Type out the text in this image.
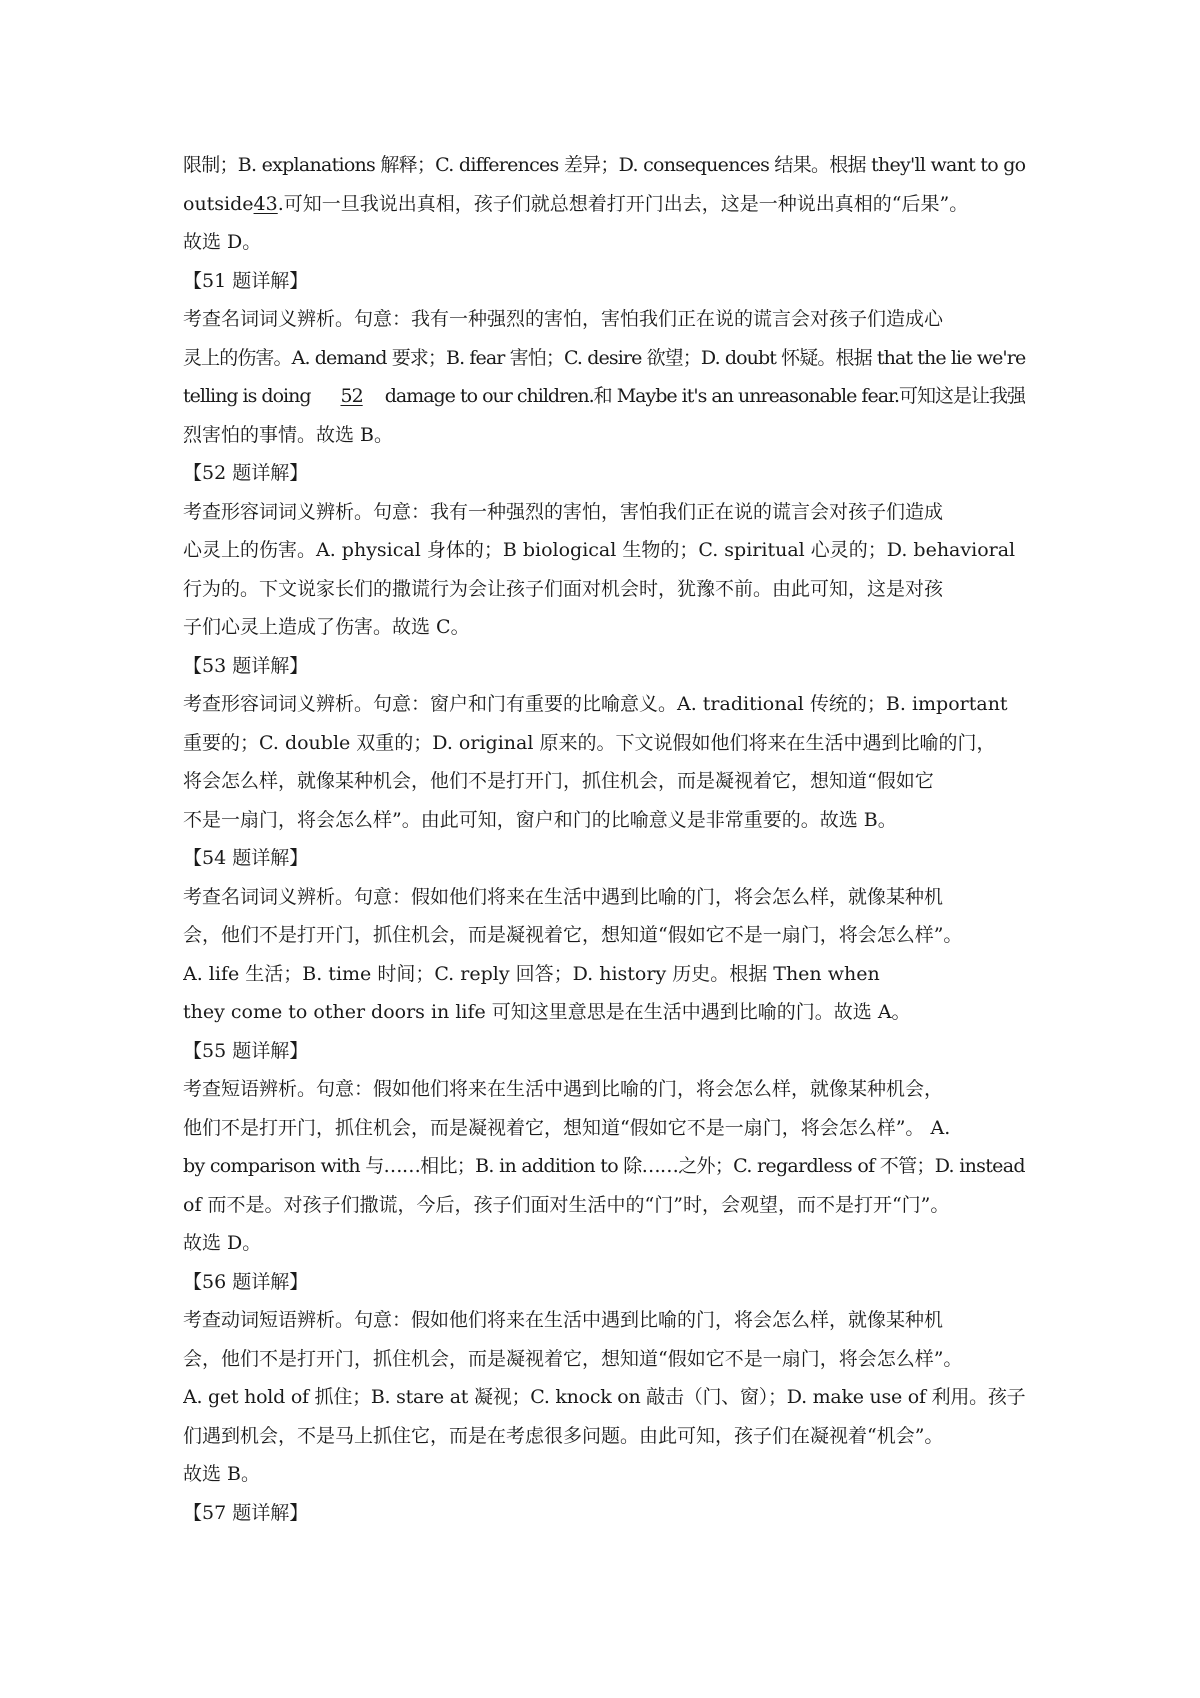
限制；B. explanations 解释；C. differences 差异；D. consequences 结果。根据 they'll want to go
outside43.可知一旦我说出真相，孩子们就总想着打开门出去，这是一种说出真相的“后果”。
故选 D。
【51 题详解】
考查名词词义辨析。句意：我有一种强烈的害怕，害怕我们正在说的谎言会对孩子们造成心
灵上的伤害。A. demand 要求；B. fear 害怕；C. desire 欲望；D. doubt 怀疑。根据 that the lie we're
telling is doing 52 damage to our children.和 Maybe it's an unreasonable fear.可知这是让我强
烈害怕的事情。故选 B。
【52 题详解】
考查形容词词义辨析。句意：我有一种强烈的害怕，害怕我们正在说的谎言会对孩子们造成
心灵上的伤害。A. physical 身体的；B biological 生物的；C. spiritual 心灵的；D. behavioral
行为的。下文说家长们的撒谎行为会让孩子们面对机会时，犹豫不前。由此可知，这是对孩
子们心灵上造成了伤害。故选 C。
【53 题详解】
考查形容词词义辨析。句意：窗户和门有重要的比喻意义。A. traditional 传统的；B. important
重要的；C. double 双重的；D. original 原来的。下文说假如他们将来在生活中遇到比喻的门，
将会怎么样，就像某种机会，他们不是打开门，抓住机会，而是凝视着它，想知道“假如它
不是一扇门，将会怎么样”。由此可知，窗户和门的比喻意义是非常重要的。故选 B。
【54 题详解】
考查名词词义辨析。句意：假如他们将来在生活中遇到比喻的门，将会怎么样，就像某种机
会，他们不是打开门，抓住机会，而是凝视着它，想知道“假如它不是一扇门，将会怎么样”。
A. life 生活；B. time 时间；C. reply 回答；D. history 历史。根据 Then when
they come to other doors in life 可知这里意思是在生活中遇到比喻的门。故选 A。
【55 题详解】
考查短语辨析。句意：假如他们将来在生活中遇到比喻的门，将会怎么样，就像某种机会，
他们不是打开门，抓住机会，而是凝视着它，想知道“假如它不是一扇门，将会怎么样”。 A.
by comparison with 与……相比；B. in addition to 除……之外；C. regardless of 不管；D. instead
of 而不是。对孩子们撒谎，今后，孩子们面对生活中的“门”时，会观望，而不是打开“门”。
故选 D。
【56 题详解】
考查动词短语辨析。句意：假如他们将来在生活中遇到比喻的门，将会怎么样，就像某种机
会，他们不是打开门，抓住机会，而是凝视着它，想知道“假如它不是一扇门，将会怎么样”。
A. get hold of 抓住；B. stare at 凝视；C. knock on 敲击（门、窗）；D. make use of 利用。孩子
们遇到机会，不是马上抓住它，而是在考虑很多问题。由此可知，孩子们在凝视着“机会”。
故选 B。
【57 题详解】
